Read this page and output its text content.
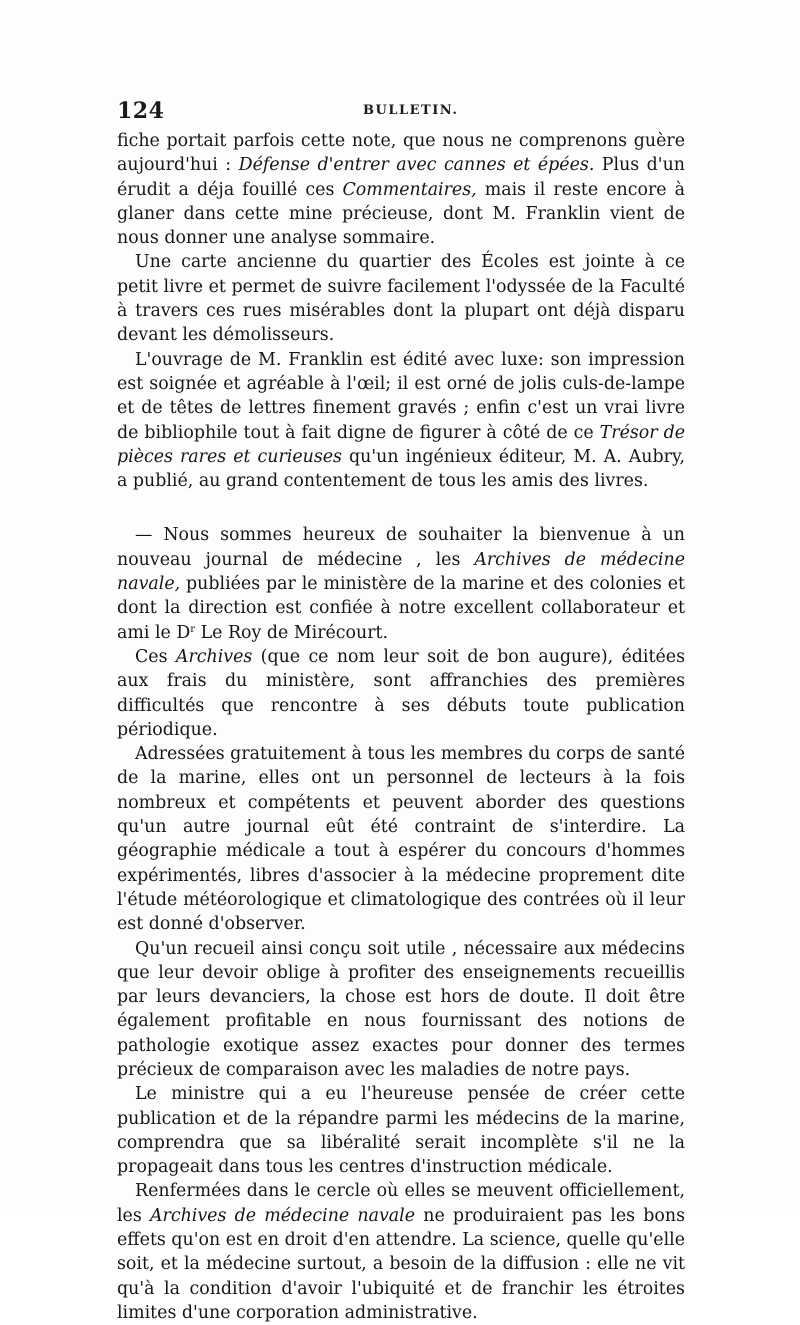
124	BULLETIN.

fiche portait parfois cette note, que nous ne comprenons guère aujourd'hui : Défense d'entrer avec cannes et épées. Plus d'un érudit a déja fouillé ces Commentaires, mais il reste encore à glaner dans cette mine précieuse, dont M. Franklin vient de nous donner une analyse sommaire.

Une carte ancienne du quartier des Écoles est jointe à ce petit livre et permet de suivre facilement l'odyssée de la Faculté à travers ces rues misérables dont la plupart ont déjà disparu devant les démolisseurs.

L'ouvrage de M. Franklin est édité avec luxe: son impression est soignée et agréable à l'œil; il est orné de jolis culs-de-lampe et de têtes de lettres finement gravés ; enfin c'est un vrai livre de bibliophile tout à fait digne de figurer à côté de ce Trésor de pièces rares et curieuses qu'un ingénieux éditeur, M. A. Aubry, a publié, au grand contentement de tous les amis des livres.

— Nous sommes heureux de souhaiter la bienvenue à un nouveau journal de médecine , les Archives de médecine navale, publiées par le ministère de la marine et des colonies et dont la direction est confiée à notre excellent collaborateur et ami le $D^r$ Le Roy de Mirécourt.

Ces Archives (que ce nom leur soit de bon augure), éditées aux frais du ministère, sont affranchies des premières difficultés que rencontre à ses débuts toute publication périodique.

Adressées gratuitement à tous les membres du corps de santé de la marine, elles ont un personnel de lecteurs à la fois nombreux et compétents et peuvent aborder des questions qu'un autre journal eût été contraint de s'interdire. La géographie médicale a tout à espérer du concours d'hommes expérimentés, libres d'associer à la médecine proprement dite l'étude météorologique et climatologique des contrées où il leur est donné d'observer.

Qu'un recueil ainsi conçu soit utile , nécessaire aux médecins que leur devoir oblige à profiter des enseignements recueillis par leurs devanciers, la chose est hors de doute. Il doit être également profitable en nous fournissant des notions de pathologie exotique assez exactes pour donner des termes précieux de comparaison avec les maladies de notre pays.

Le ministre qui a eu l'heureuse pensée de créer cette publication et de la répandre parmi les médecins de la marine, comprendra que sa libéralité serait incomplète s'il ne la propageait dans tous les centres d'instruction médicale.

Renfermées dans le cercle où elles se meuvent officiellement, les Archives de médecine navale ne produiraient pas les bons effets qu'on est en droit d'en attendre. La science, quelle qu'elle soit, et la médecine surtout, a besoin de la diffusion : elle ne vit qu'à la condition d'avoir l'ubiquité et de franchir les étroites limites d'une corporation administrative.
